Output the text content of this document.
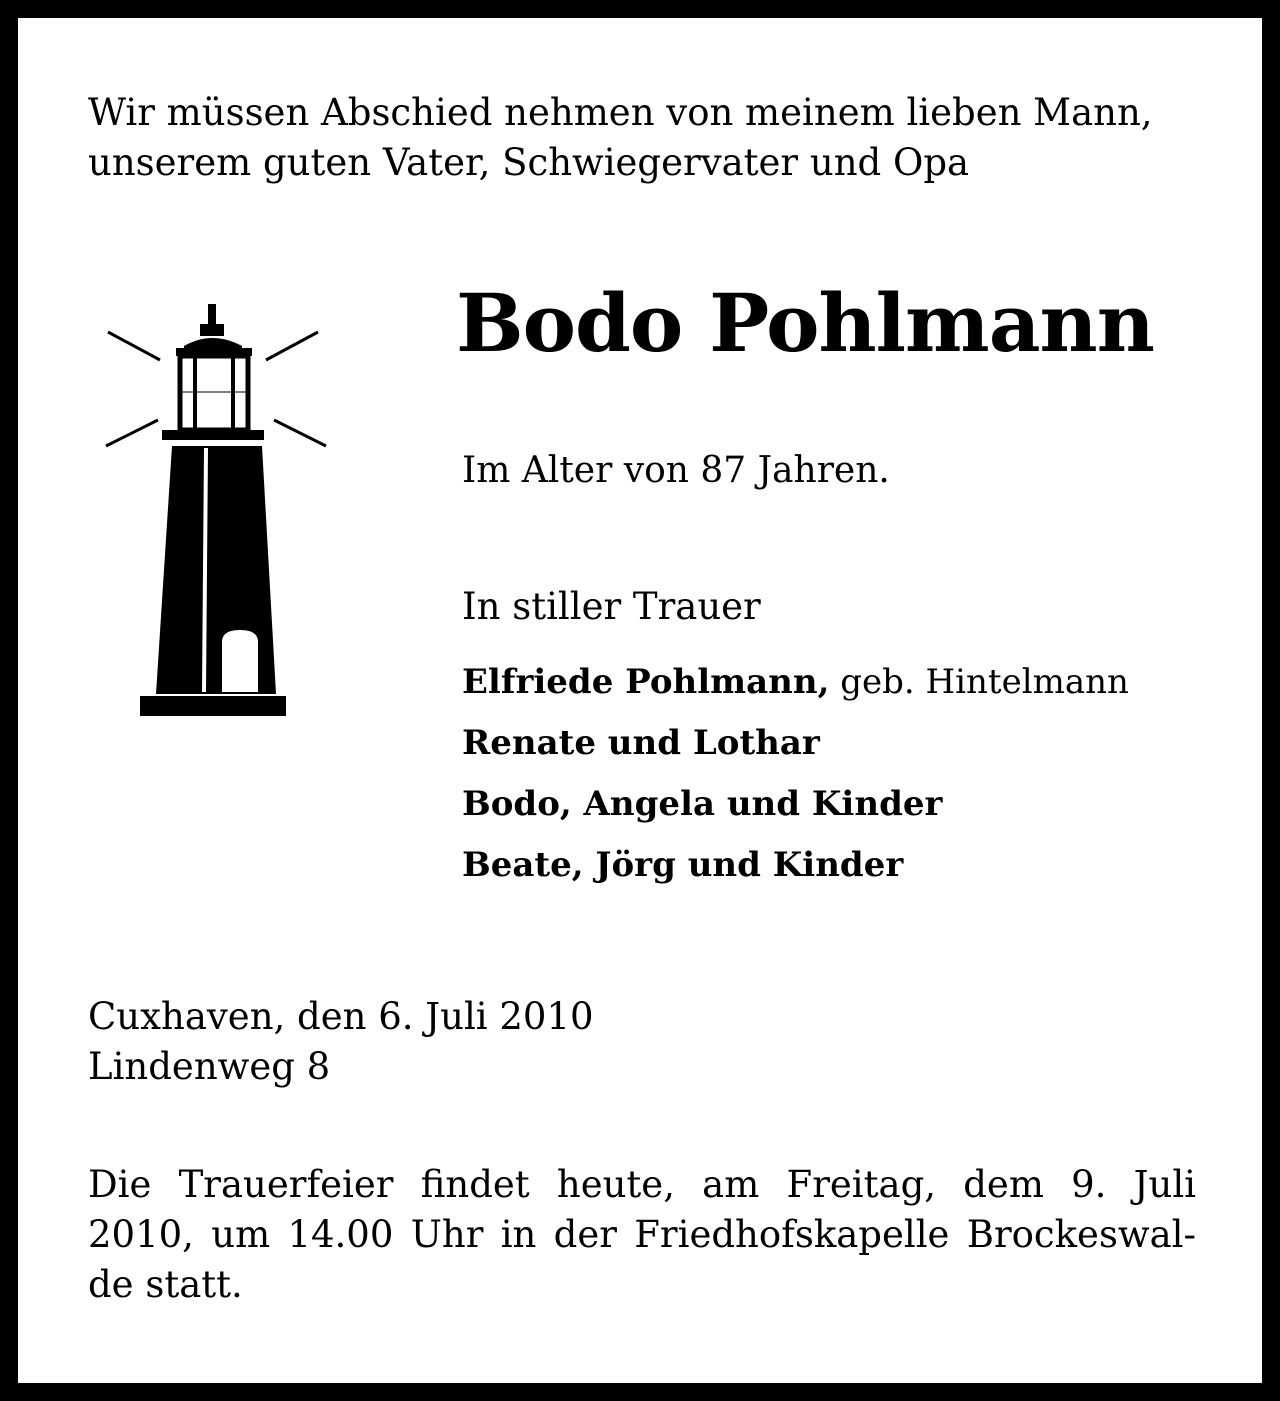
Wir müssen Abschied nehmen von meinem lieben Mann,
unserem guten Vater, Schwiegervater und Opa

Bodo Pohlmann

Im Alter von 87 Jahren.

In stiller Trauer

Elfriede Pohlmann, geb. Hintelmann
Renate und Lothar
Bodo, Angela und Kinder
Beate, Jörg und Kinder

Cuxhaven, den 6. Juli 2010
Lindenweg 8

Die Trauerfeier findet heute, am Freitag, dem 9. Juli
2010, um 14.00 Uhr in der Friedhofskapelle Brockeswal-
de statt.
